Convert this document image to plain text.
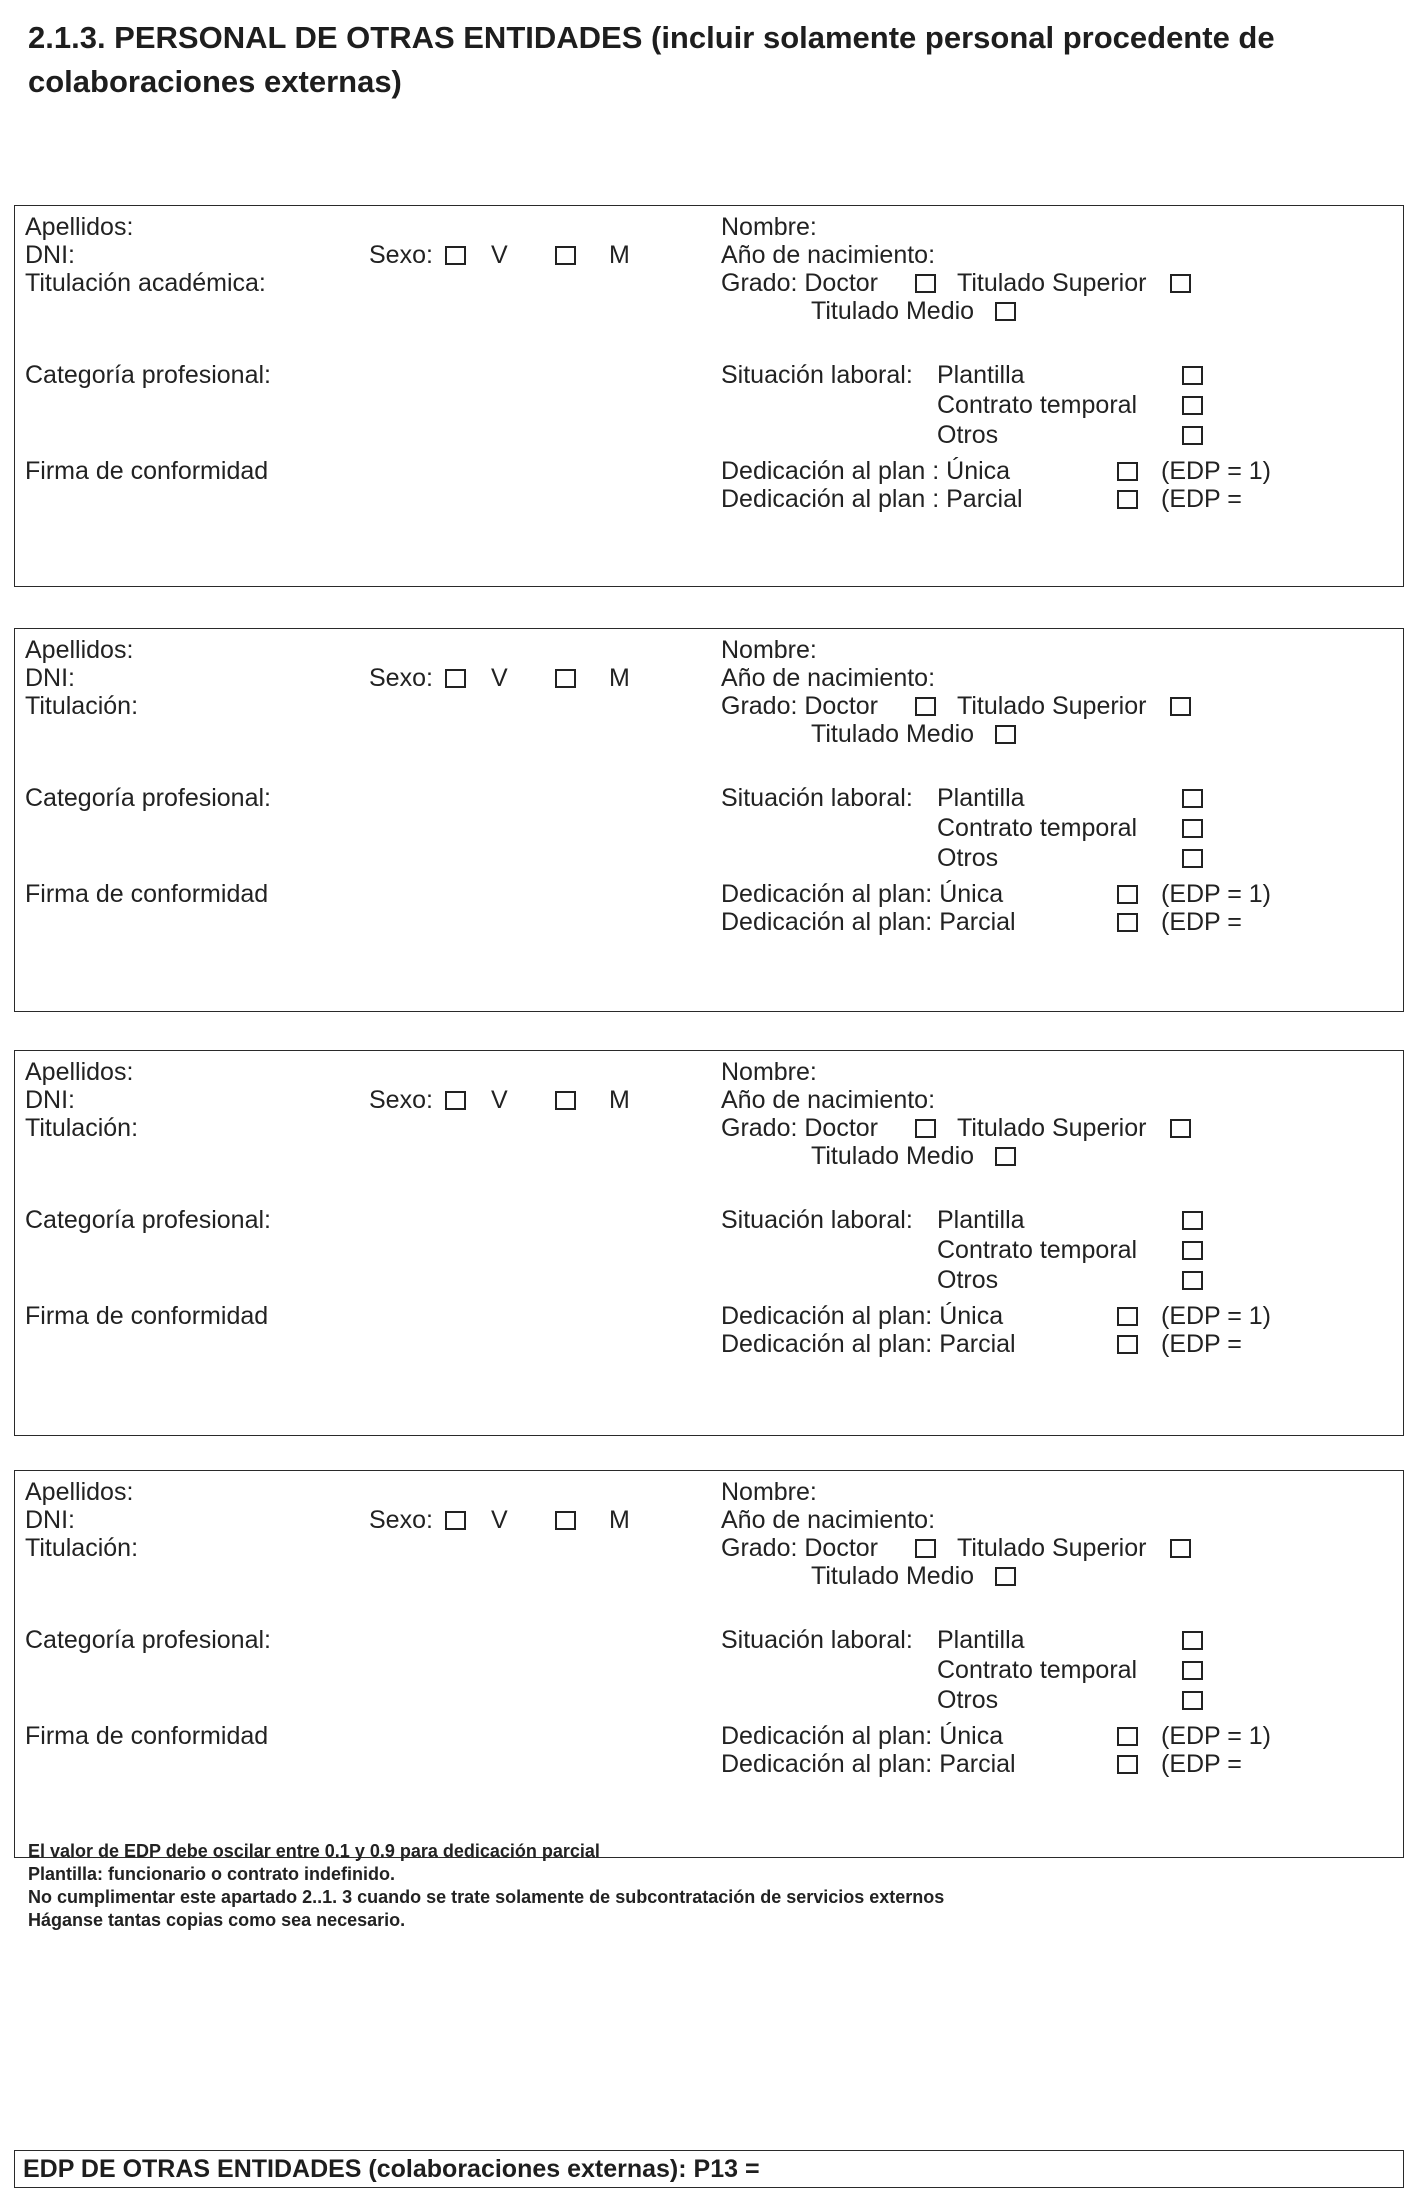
2.1.3. PERSONAL DE OTRAS ENTIDADES (incluir solamente personal procedente de colaboraciones externas)
Apellidos:
DNI:	Sexo: V	M
Titulación académica:
Categoría profesional:
Firma de conformidad
Nombre:
Año de nacimiento:
Grado: Doctor	Titulado Superior
Titulado Medio
Situación laboral: Plantilla
Contrato temporal
Otros
Dedicación al plan : Única	(EDP = 1)
Dedicación al plan : Parcial	(EDP =
Apellidos:
DNI:	Sexo: V	M
Titulación:
Categoría profesional:
Firma de conformidad
Nombre:
Año de nacimiento:
Grado: Doctor	Titulado Superior
Titulado Medio
Situación laboral: Plantilla
Contrato temporal
Otros
Dedicación al plan: Única	(EDP = 1)
Dedicación al plan: Parcial	(EDP =
Apellidos:
DNI:	Sexo: V	M
Titulación:
Categoría profesional:
Firma de conformidad
Nombre:
Año de nacimiento:
Grado: Doctor	Titulado Superior
Titulado Medio
Situación laboral: Plantilla
Contrato temporal
Otros
Dedicación al plan: Única	(EDP = 1)
Dedicación al plan: Parcial	(EDP =
Apellidos:
DNI:	Sexo: V	M
Titulación:
Categoría profesional:
Firma de conformidad
Nombre:
Año de nacimiento:
Grado: Doctor	Titulado Superior
Titulado Medio
Situación laboral: Plantilla
Contrato temporal
Otros
Dedicación al plan: Única	(EDP = 1)
Dedicación al plan: Parcial	(EDP =
El valor de EDP debe oscilar entre 0.1 y 0.9 para dedicación parcial
Plantilla: funcionario o contrato indefinido.
No cumplimentar este apartado 2..1. 3 cuando se trate solamente de subcontratación de servicios externos
Háganse tantas copias como sea necesario.
EDP DE OTRAS ENTIDADES (colaboraciones externas): P13 =
